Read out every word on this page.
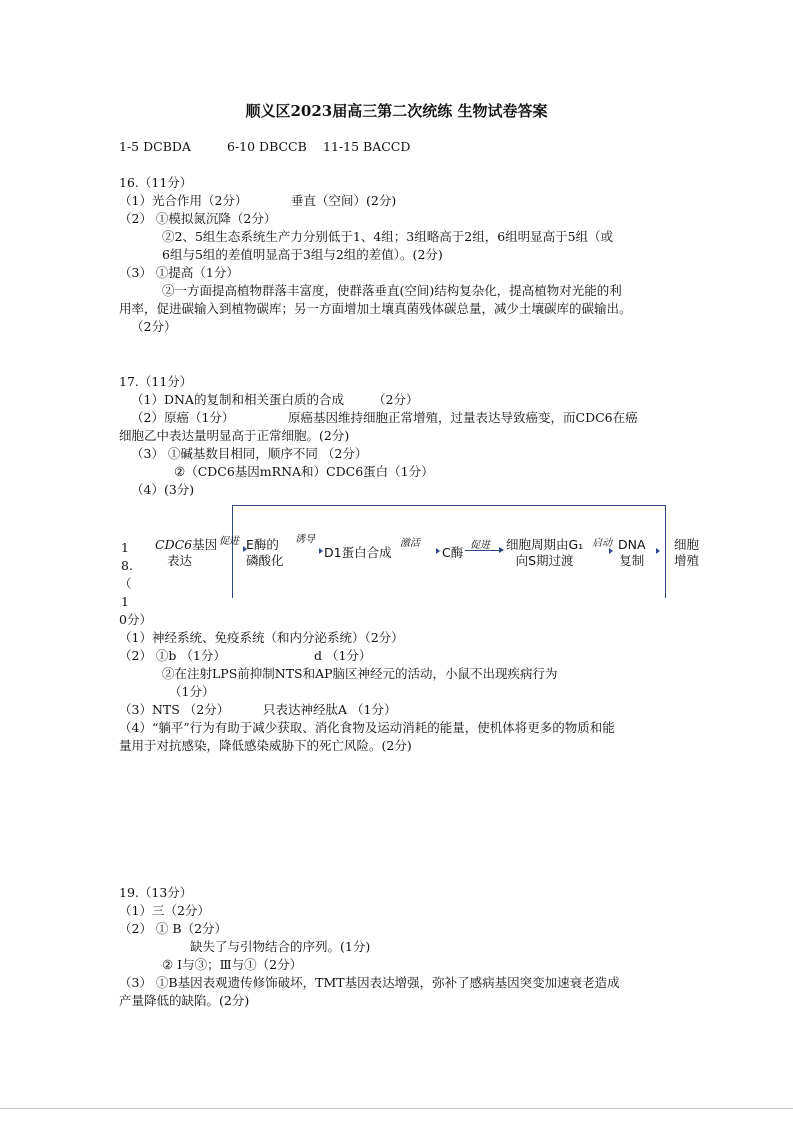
顺义区2023届高三第二次统练 生物试卷答案
1-5 DCBDA	6-10 DBCCB 11-15 BACCD
16.（11分）
（1）光合作用（2分）	垂直（空间）(2分)
（2） ①模拟氮沉降（2分）
②2、5组生态系统生产力分别低于1、4组；3组略高于2组，6组明显高于5组（或
6组与5组的差值明显高于3组与2组的差值）。(2分)
（3） ①提高（1分）
②一方面提高植物群落丰富度，使群落垂直(空间)结构复杂化，提高植物对光能的利
用率，促进碳输入到植物碳库；另一方面增加土壤真菌残体碳总量，减少土壤碳库的碳输出。
（2分）
17.（11分）
（1）DNA的复制和相关蛋白质的合成 （2分）
（2）原癌（1分）	原癌基因维持细胞正常增殖，过量表达导致癌变，而CDC6在癌
细胞乙中表达量明显高于正常细胞。(2分)
（3） ①碱基数目相同，顺序不同 （2分）
②（CDC6基因mRNA和）CDC6蛋白（1分）
（4）(3分)
CDC6基因
表达
促进 E酶的
磷酸化
诱导
D1蛋白合成
激活
C酶 促进 细胞周期由G₁
向S期过渡
启动 DNA
复制
细胞
增殖
1
8.
（
1
0分）
（1）神经系统、免疫系统（和内分泌系统）（2分）
（2） ①b （1分）	d （1分）
②在注射LPS前抑制NTS和AP脑区神经元的活动，小鼠不出现疾病行为
（1分）
（3）NTS （2分）	只表达神经肽A （1分）
（4）“躺平”行为有助于减少获取、消化食物及运动消耗的能量，使机体将更多的物质和能
量用于对抗感染，降低感染威胁下的死亡风险。(2分)
19.（13分）
（1）三（2分）
（2） ① B（2分）
缺失了与引物结合的序列。(1分)
② Ⅰ与③；Ⅲ与①（2分）
（3） ①B基因表观遗传修饰破坏，TMT基因表达增强，弥补了感病基因突变加速衰老造成
产量降低的缺陷。(2分)
